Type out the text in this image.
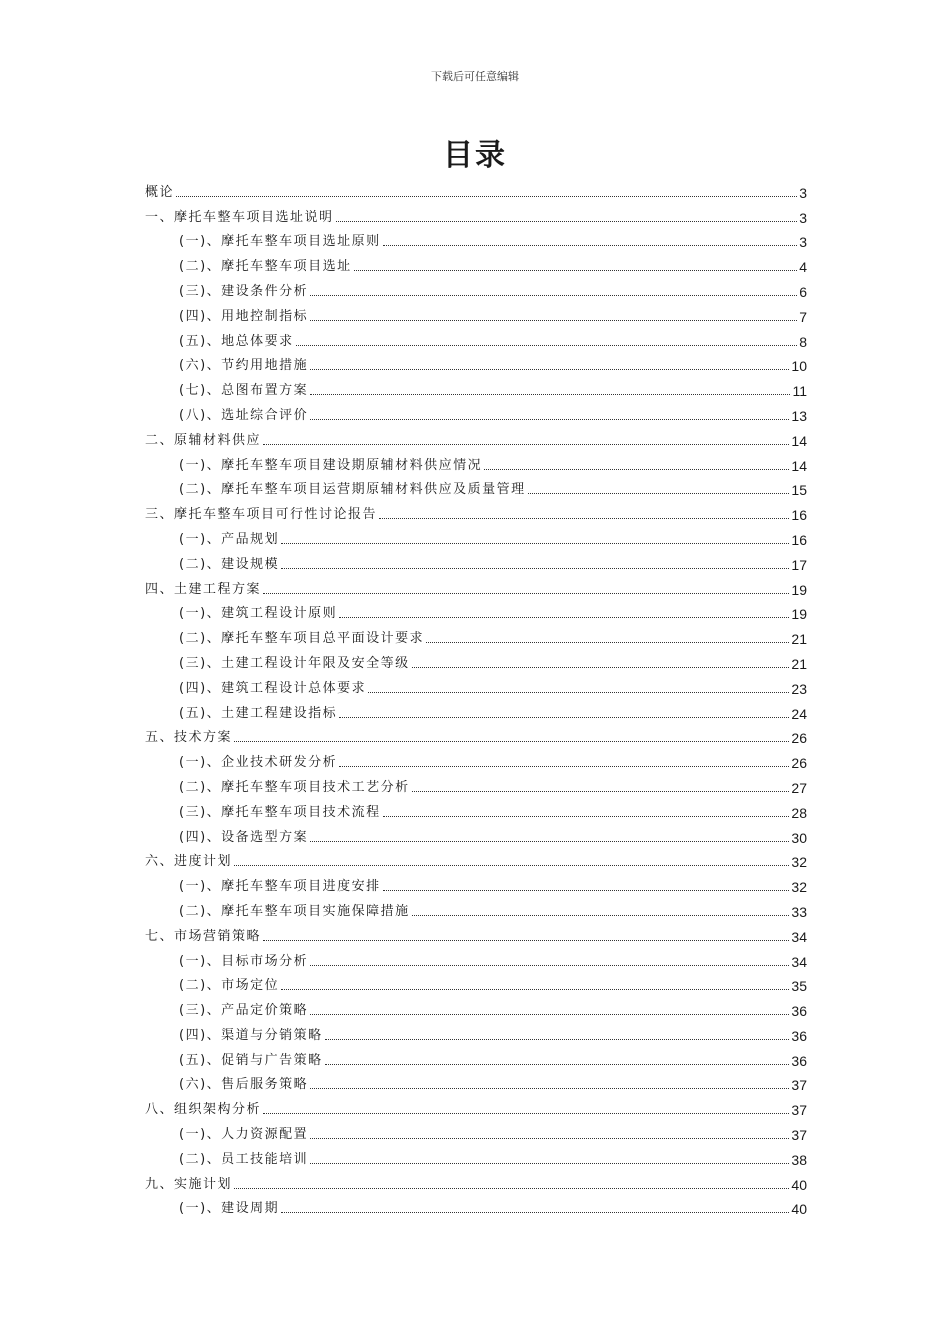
下载后可任意编辑
目录
概论	3
一、摩托车整车项目选址说明	3
(一)、摩托车整车项目选址原则	3
(二)、摩托车整车项目选址	4
(三)、建设条件分析	6
(四)、用地控制指标	7
(五)、地总体要求	8
(六)、节约用地措施	10
(七)、总图布置方案	11
(八)、选址综合评价	13
二、原辅材料供应	14
(一)、摩托车整车项目建设期原辅材料供应情况	14
(二)、摩托车整车项目运营期原辅材料供应及质量管理	15
三、摩托车整车项目可行性讨论报告	16
(一)、产品规划	16
(二)、建设规模	17
四、土建工程方案	19
(一)、建筑工程设计原则	19
(二)、摩托车整车项目总平面设计要求	21
(三)、土建工程设计年限及安全等级	21
(四)、建筑工程设计总体要求	23
(五)、土建工程建设指标	24
五、技术方案	26
(一)、企业技术研发分析	26
(二)、摩托车整车项目技术工艺分析	27
(三)、摩托车整车项目技术流程	28
(四)、设备选型方案	30
六、进度计划	32
(一)、摩托车整车项目进度安排	32
(二)、摩托车整车项目实施保障措施	33
七、市场营销策略	34
(一)、目标市场分析	34
(二)、市场定位	35
(三)、产品定价策略	36
(四)、渠道与分销策略	36
(五)、促销与广告策略	36
(六)、售后服务策略	37
八、组织架构分析	37
(一)、人力资源配置	37
(二)、员工技能培训	38
九、实施计划	40
(一)、建设周期	40
